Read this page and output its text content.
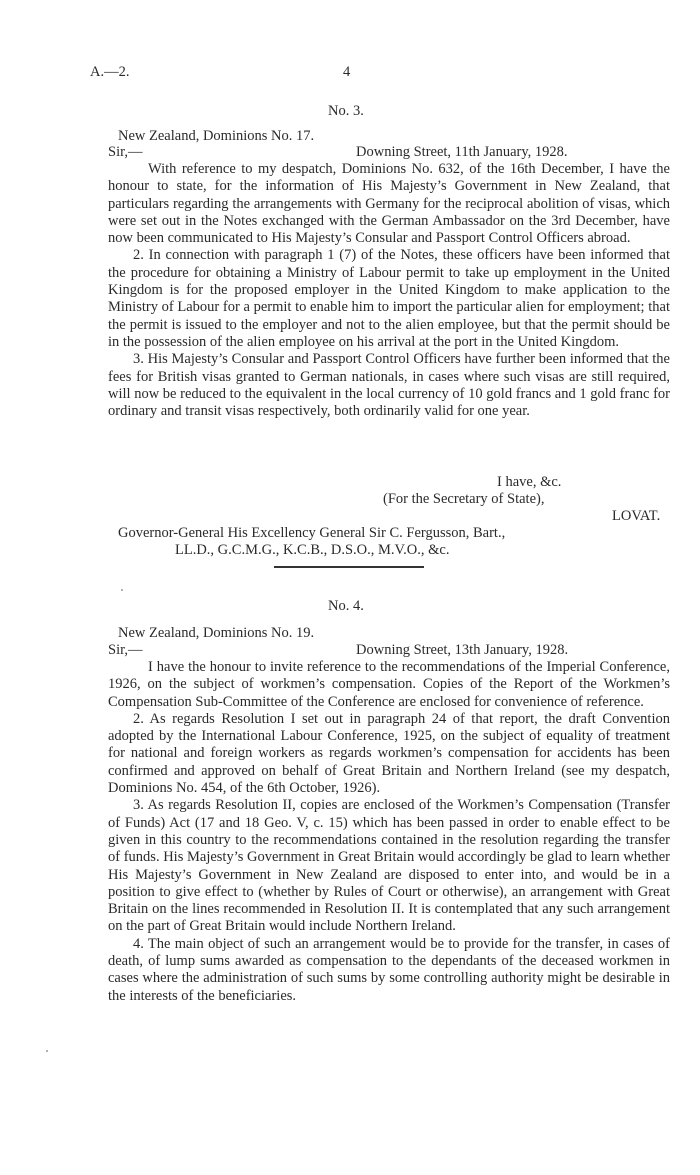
A.—2.	4
No. 3.
New Zealand, Dominions No. 17.
Sir,—	Downing Street, 11th January, 1928.

With reference to my despatch, Dominions No. 632, of the 16th December, I have the honour to state, for the information of His Majesty’s Government in New Zealand, that particulars regarding the arrangements with Germany for the reciprocal abolition of visas, which were set out in the Notes exchanged with the German Ambassador on the 3rd December, have now been communicated to His Majesty’s Consular and Passport Control Officers abroad.

2. In connection with paragraph 1 (7) of the Notes, these officers have been informed that the procedure for obtaining a Ministry of Labour permit to take up employment in the United Kingdom is for the proposed employer in the United Kingdom to make application to the Ministry of Labour for a permit to enable him to import the particular alien for employment; that the permit is issued to the employer and not to the alien employee, but that the permit should be in the possession of the alien employee on his arrival at the port in the United Kingdom.

3. His Majesty’s Consular and Passport Control Officers have further been informed that the fees for British visas granted to German nationals, in cases where such visas are still required, will now be reduced to the equivalent in the local currency of 10 gold francs and 1 gold franc for ordinary and transit visas respectively, both ordinarily valid for one year.

I have, &c.
(For the Secretary of State),
LOVAT.
Governor-General His Excellency General Sir C. Fergusson, Bart.,
LL.D., G.C.M.G., K.C.B., D.S.O., M.V.O., &c.
No. 4.
New Zealand, Dominions No. 19.
Sir,—	Downing Street, 13th January, 1928.

I have the honour to invite reference to the recommendations of the Imperial Conference, 1926, on the subject of workmen’s compensation. Copies of the Report of the Workmen’s Compensation Sub-Committee of the Conference are enclosed for convenience of reference.

2. As regards Resolution I set out in paragraph 24 of that report, the draft Convention adopted by the International Labour Conference, 1925, on the subject of equality of treatment for national and foreign workers as regards workmen’s compensation for accidents has been confirmed and approved on behalf of Great Britain and Northern Ireland (see my despatch, Dominions No. 454, of the 6th October, 1926).

3. As regards Resolution II, copies are enclosed of the Workmen’s Compensation (Transfer of Funds) Act (17 and 18 Geo. V, c. 15) which has been passed in order to enable effect to be given in this country to the recommendations contained in the resolution regarding the transfer of funds. His Majesty’s Government in Great Britain would accordingly be glad to learn whether His Majesty’s Government in New Zealand are disposed to enter into, and would be in a position to give effect to (whether by Rules of Court or otherwise), an arrangement with Great Britain on the lines recommended in Resolution II. It is contemplated that any such arrangement on the part of Great Britain would include Northern Ireland.

4. The main object of such an arrangement would be to provide for the transfer, in cases of death, of lump sums awarded as compensation to the dependants of the deceased workmen in cases where the administration of such sums by some controlling authority might be desirable in the interests of the beneficiaries.
